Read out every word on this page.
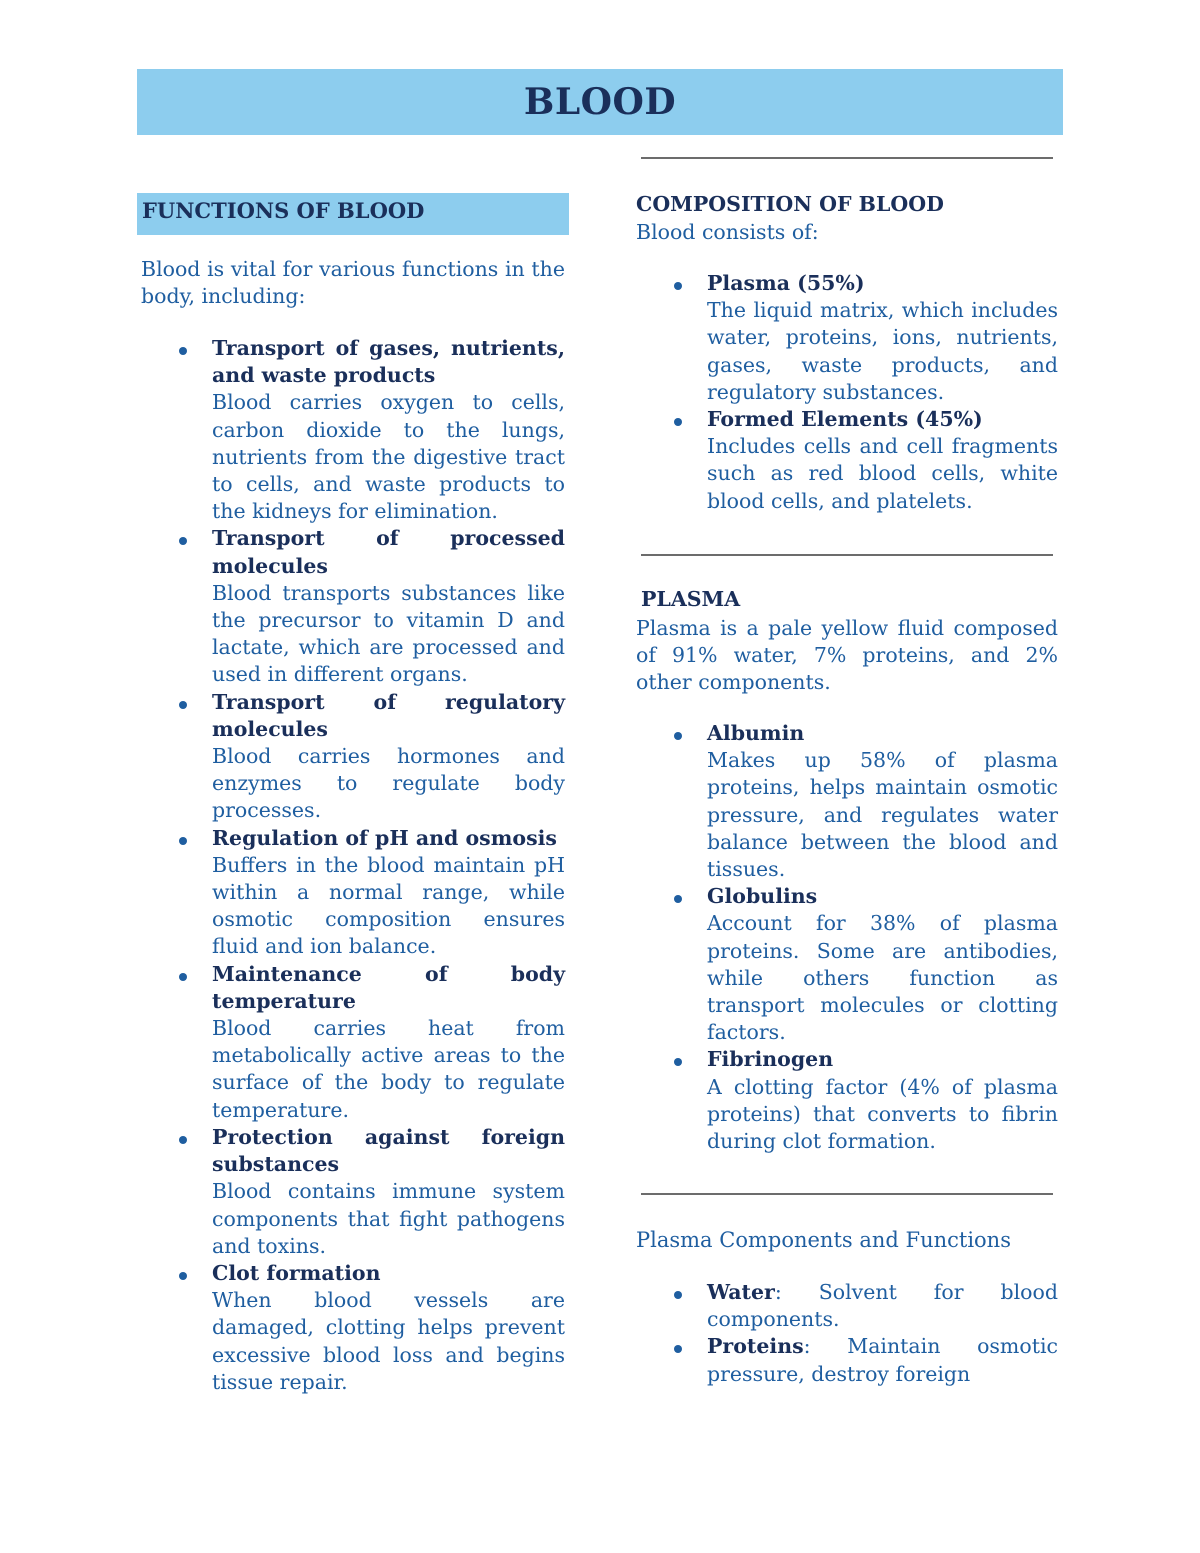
BLOOD
FUNCTIONS OF BLOOD

Blood is vital for various functions in the body, including:

Transport of gases, nutrients, and waste products
Blood carries oxygen to cells, carbon dioxide to the lungs, nutrients from the digestive tract to cells, and waste products to the kidneys for elimination.
Transport of processed molecules
Blood transports substances like the precursor to vitamin D and lactate, which are processed and used in different organs.
Transport of regulatory molecules
Blood carries hormones and enzymes to regulate body processes.
Regulation of pH and osmosis
Buffers in the blood maintain pH within a normal range, while osmotic composition ensures fluid and ion balance.
Maintenance of body temperature
Blood carries heat from metabolically active areas to the surface of the body to regulate temperature.
Protection against foreign substances
Blood contains immune system components that fight pathogens and toxins.
Clot formation
When blood vessels are damaged, clotting helps prevent excessive blood loss and begins tissue repair.
COMPOSITION OF BLOOD

Blood consists of:

Plasma (55%)
The liquid matrix, which includes water, proteins, ions, nutrients, gases, waste products, and regulatory substances.
Formed Elements (45%)
Includes cells and cell fragments such as red blood cells, white blood cells, and platelets.
PLASMA

Plasma is a pale yellow fluid composed of 91% water, 7% proteins, and 2% other components.

Albumin
Makes up 58% of plasma proteins, helps maintain osmotic pressure, and regulates water balance between the blood and tissues.
Globulins
Account for 38% of plasma proteins. Some are antibodies, while others function as transport molecules or clotting factors.
Fibrinogen
A clotting factor (4% of plasma proteins) that converts to fibrin during clot formation.
Plasma Components and Functions
Water: Solvent for blood components.
Proteins: Maintain osmotic pressure, destroy foreign
